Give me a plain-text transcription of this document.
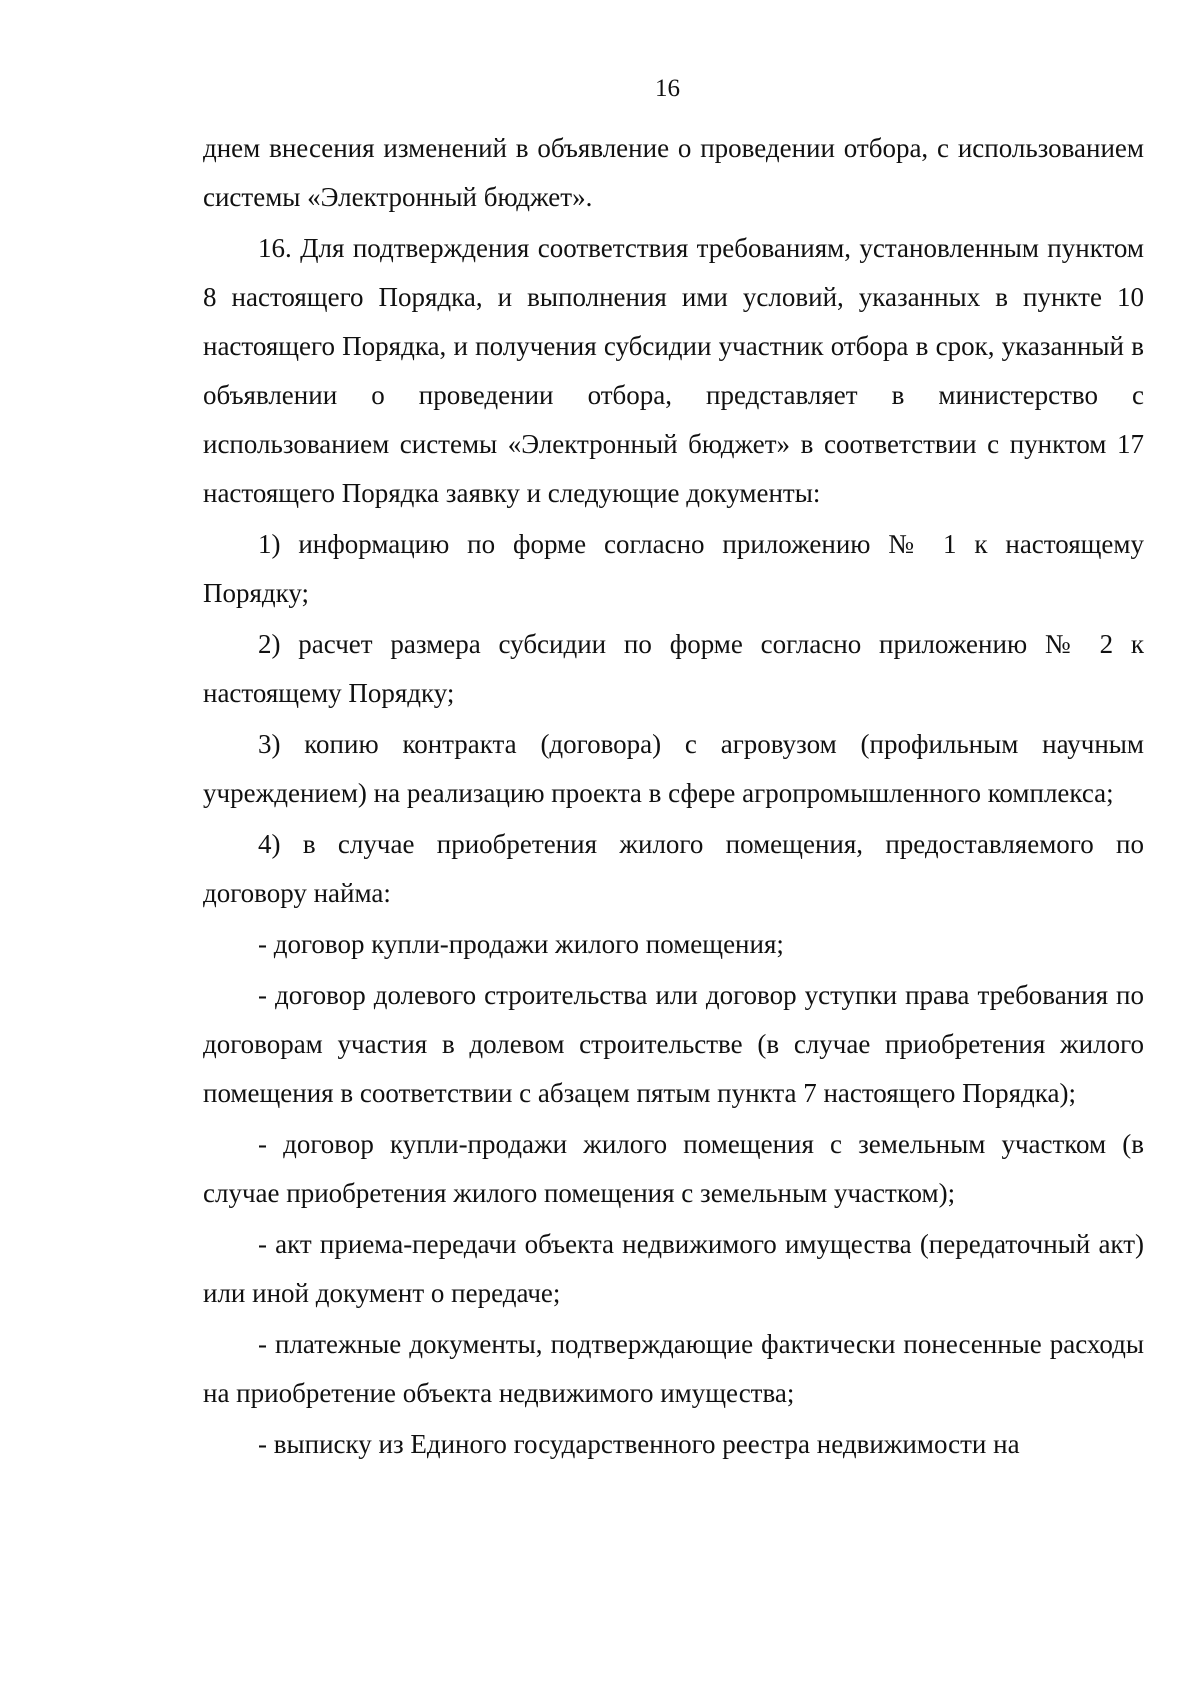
16

днем внесения изменений в объявление о проведении отбора, с использованием системы «Электронный бюджет».

16. Для подтверждения соответствия требованиям, установленным пунктом 8 настоящего Порядка, и выполнения ими условий, указанных в пункте 10 настоящего Порядка, и получения субсидии участник отбора в срок, указанный в объявлении о проведении отбора, представляет в министерство с использованием системы «Электронный бюджет» в соответствии с пунктом 17 настоящего Порядка заявку и следующие документы:

1) информацию по форме согласно приложению № 1 к настоящему Порядку;

2) расчет размера субсидии по форме согласно приложению № 2 к настоящему Порядку;

3) копию контракта (договора) с агровузом (профильным научным учреждением) на реализацию проекта в сфере агропромышленного комплекса;

4) в случае приобретения жилого помещения, предоставляемого по договору найма:

- договор купли-продажи жилого помещения;

- договор долевого строительства или договор уступки права требования по договорам участия в долевом строительстве (в случае приобретения жилого помещения в соответствии с абзацем пятым пункта 7 настоящего Порядка);

- договор купли-продажи жилого помещения с земельным участком (в случае приобретения жилого помещения с земельным участком);

- акт приема-передачи объекта недвижимого имущества (передаточный акт) или иной документ о передаче;

- платежные документы, подтверждающие фактически понесенные расходы на приобретение объекта недвижимого имущества;

- выписку из Единого государственного реестра недвижимости на
